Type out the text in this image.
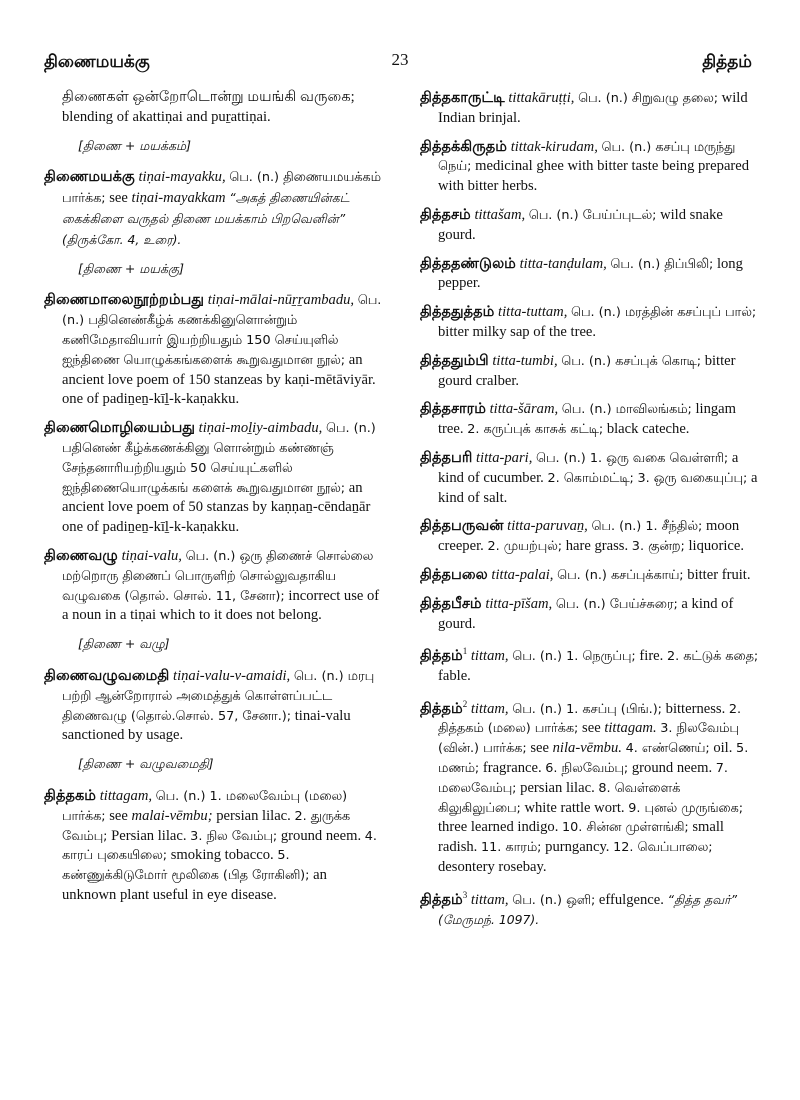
திணைமயக்கு	23	தித்தம்

திணைகள் ஒன்றோடொன்று மயங்கி வருகை; blending of akattiṇai and puṟattiṇai.

[திணை + மயக்கம்]

திணைமயக்கு tiṇai-mayakku, பெ. (n.) திணையமயக்கம் பார்க்க; see tiṇai-mayakkam “அகத் திணையின்கட் கைக்கிளை வருதல் திணை மயக்காம் பிறவெனின்” (திருக்கோ. 4, உரை).

[திணை + மயக்கு]

திணைமாலைநூற்றம்பது tiṇai-mālai-nūṟṟambadu, பெ. (n.) பதினெண்கீழ்க் கணக்கினுளொன்றும் கணிமேதாவியார் இயற்றியதும் 150 செய்யுளில் ஐந்திணை யொழுக்கங்களைக் கூறுவதுமான நூல்; an ancient love poem of 150 stanzeas by kaṇi-mētāviyār. one of padiṉeṉ-kīḻ-k-kaṇakku.

திணைமொழியைம்பது tiṇai-moḻiy-aimbadu, பெ. (n.) பதினெண் கீழ்க்கணக்கினு ளொன்றும் கண்ணஞ் சேந்தனாரியற்றியதும் 50 செய்யுட்களில் ஐந்திணையொழுக்கங் களைக் கூறுவதுமான நூல்; an ancient love poem of 50 stanzas by kaṇṇaṉ-cēndaṉār one of padiṉeṉ-kīḻ-k-kaṇakku.

திணைவழு tiṇai-valu, பெ. (n.) ஒரு திணைச் சொல்லை மற்றொரு திணைப் பொருளிற் சொல்லுவதாகிய வழுவகை (தொல். சொல். 11, சேனா); incorrect use of a noun in a tiṇai which to it does not belong.

[திணை + வழு]

திணைவழுவமைதி tiṇai-valu-v-amaidi, பெ. (n.) மரபு பற்றி ஆன்றோரால் அமைத்துக் கொள்ளப்பட்ட திணைவழு (தொல்.சொல். 57, சேனா.); tinai-valu sanctioned by usage.

[திணை + வழுவமைதி]

தித்தகம் tittagam, பெ. (n.) 1. மலைவேம்பு (மலை) பார்க்க; see malai-vēmbu; persian lilac. 2. துருக்க வேம்பு; Persian lilac. 3. நில வேம்பு; ground neem. 4. காரப் புகையிலை; smoking tobacco. 5. கண்ணுக்கிடுமோர் மூலிகை (பித ரோகினி); an unknown plant useful in eye disease.

தித்தகாருட்டி tittakāruṭṭi, பெ. (n.) சிறுவழு தலை; wild Indian brinjal.

தித்தக்கிருதம் tittak-kirudam, பெ. (n.) கசப்பு மருந்து நெய்; medicinal ghee with bitter taste being prepared with bitter herbs.

தித்தசம் tittašam, பெ. (n.) பேய்ப்புடல்; wild snake gourd.

தித்ததண்டுலம் titta-tanḍulam, பெ. (n.) திப்பிலி; long pepper.

தித்ததுத்தம் titta-tuttam, பெ. (n.) மரத்தின் கசப்புப் பால்; bitter milky sap of the tree.

தித்ததும்பி titta-tumbi, பெ. (n.) கசப்புக் கொடி; bitter gourd cralber.

தித்தசாரம் titta-šāram, பெ. (n.) மாவிலங்கம்; lingam tree. 2. கருப்புக் காசுக் கட்டி; black cateche.

தித்தபரி titta-pari, பெ. (n.) 1. ஒரு வகை வெள்ளரி; a kind of cucumber. 2. கொம்மட்டி; 3. ஒரு வகையுப்பு; a kind of salt.

தித்தபருவன் titta-paruvaṉ, பெ. (n.) 1. சீந்தில்; moon creeper. 2. முயற்புல்; hare grass. 3. குன்ற; liquorice.

தித்தபலை titta-palai, பெ. (n.) கசப்புக்காய்; bitter fruit.

தித்தபீசம் titta-pīšam, பெ. (n.) பேய்ச்சுரை; a kind of gourd.

தித்தம்$^1$ tittam, பெ. (n.) 1. நெருப்பு; fire. 2. கட்டுக் கதை; fable.

தித்தம்$^2$ tittam, பெ. (n.) 1. கசப்பு (பிங்.); bitterness. 2. தித்தகம் (மலை) பார்க்க; see tittagam. 3. நிலவேம்பு (வின்.) பார்க்க; see nila-vēmbu. 4. எண்ணெய்; oil. 5. மணம்; fragrance. 6. நிலவேம்பு; ground neem. 7. மலைவேம்பு; persian lilac. 8. வெள்ளைக் கிலுகிலுப்பை; white rattle wort. 9. புனல் முருங்கை; three learned indigo. 10. சின்ன முள்ளங்கி; small radish. 11. காரம்; purngancy. 12. வெப்பாலை; desontery rosebay.

தித்தம்$^3$ tittam, பெ. (n.) ஒளி; effulgence. “தித்த தவர்” (மேருமந். 1097).
